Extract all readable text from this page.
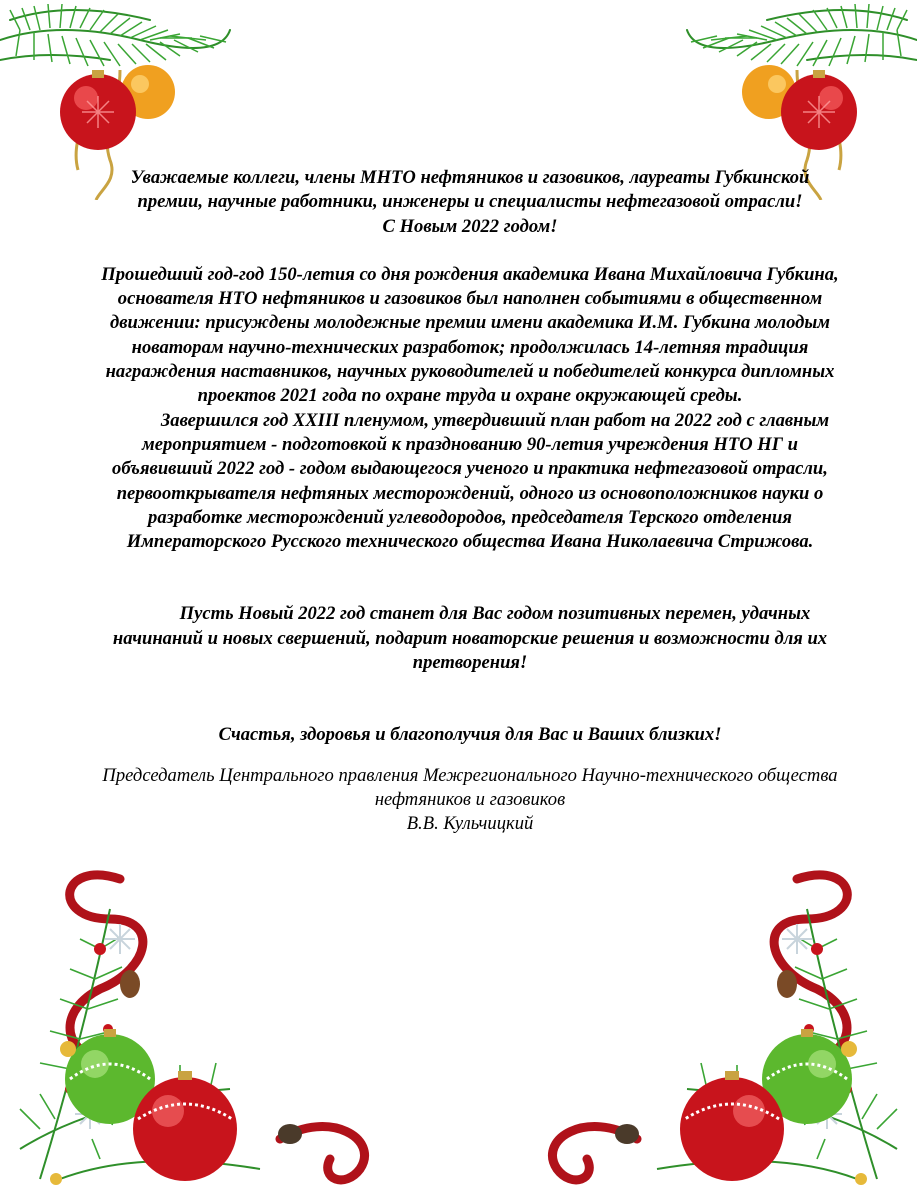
Уважаемые коллеги, члены МНТО нефтяников и газовиков, лауреаты Губкинской премии, научные работники, инженеры и специалисты нефтегазовой отрасли!

С Новым 2022 годом!

Прошедший год-год 150-летия со дня рождения академика Ивана Михайловича Губкина, основателя НТО нефтяников и газовиков был наполнен событиями в общественном движении: присуждены молодежные премии имени академика И.М. Губкина молодым новаторам научно-технических разработок; продолжилась 14-летняя традиция награждения наставников, научных руководителей и победителей конкурса дипломных проектов 2021 года по охране труда и охране окружающей среды.

Завершился год XXIII пленумом, утвердивший план работ на 2022 год с главным мероприятием - подготовкой к празднованию 90-летия учреждения НТО НГ и объявивший 2022 год - годом выдающегося ученого и практика нефтегазовой отрасли, первооткрывателя нефтяных месторождений, одного из основоположников науки о разработке месторождений углеводородов, председателя Терского отделения Императорского Русского технического общества Ивана Николаевича Стрижова.

Пусть Новый 2022 год станет для Вас годом позитивных перемен, удачных начинаний и новых свершений, подарит новаторские решения и возможности для их претворения!

Счастья, здоровья и благополучия для Вас и Ваших близких!

Председатель Центрального правления Межрегионального Научно-технического общества нефтяников и газовиков

В.В. Кульчицкий
